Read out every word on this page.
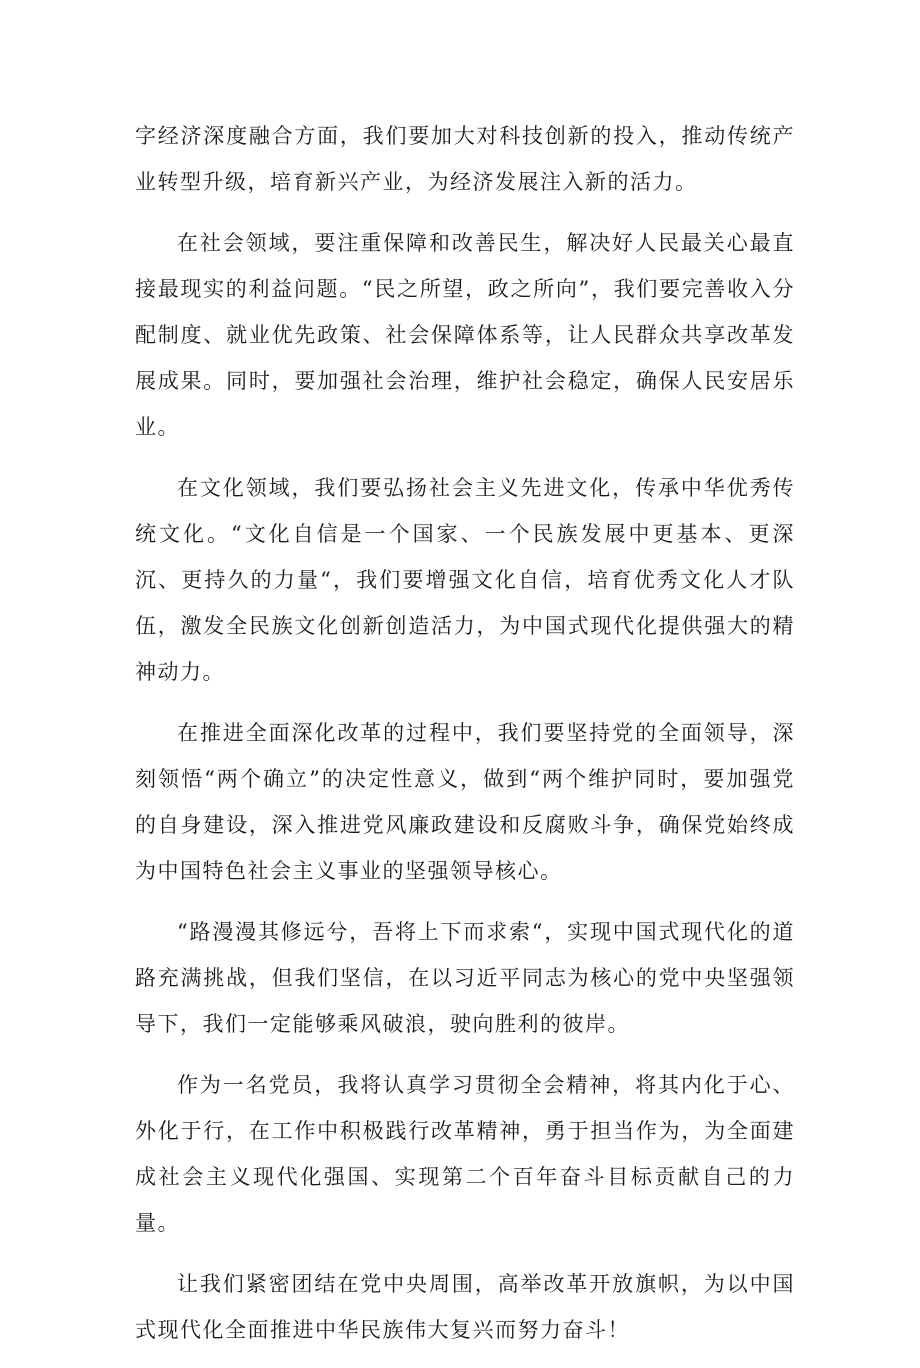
字经济深度融合方面，我们要加大对科技创新的投入，推动传统产业转型升级，培育新兴产业，为经济发展注入新的活力。

在社会领域，要注重保障和改善民生，解决好人民最关心最直接最现实的利益问题。“民之所望，政之所向”，我们要完善收入分配制度、就业优先政策、社会保障体系等，让人民群众共享改革发展成果。同时，要加强社会治理，维护社会稳定，确保人民安居乐业。

在文化领域，我们要弘扬社会主义先进文化，传承中华优秀传统文化。“文化自信是一个国家、一个民族发展中更基本、更深沉、更持久的力量“，我们要增强文化自信，培育优秀文化人才队伍，激发全民族文化创新创造活力，为中国式现代化提供强大的精神动力。

在推进全面深化改革的过程中，我们要坚持党的全面领导，深刻领悟“两个确立”的决定性意义，做到“两个维护同时，要加强党的自身建设，深入推进党风廉政建设和反腐败斗争，确保党始终成为中国特色社会主义事业的坚强领导核心。

“路漫漫其修远兮，吾将上下而求索“，实现中国式现代化的道路充满挑战，但我们坚信，在以习近平同志为核心的党中央坚强领导下，我们一定能够乘风破浪，驶向胜利的彼岸。

作为一名党员，我将认真学习贯彻全会精神，将其内化于心、外化于行，在工作中积极践行改革精神，勇于担当作为，为全面建成社会主义现代化强国、实现第二个百年奋斗目标贡献自己的力量。

让我们紧密团结在党中央周围，高举改革开放旗帜，为以中国式现代化全面推进中华民族伟大复兴而努力奋斗！
